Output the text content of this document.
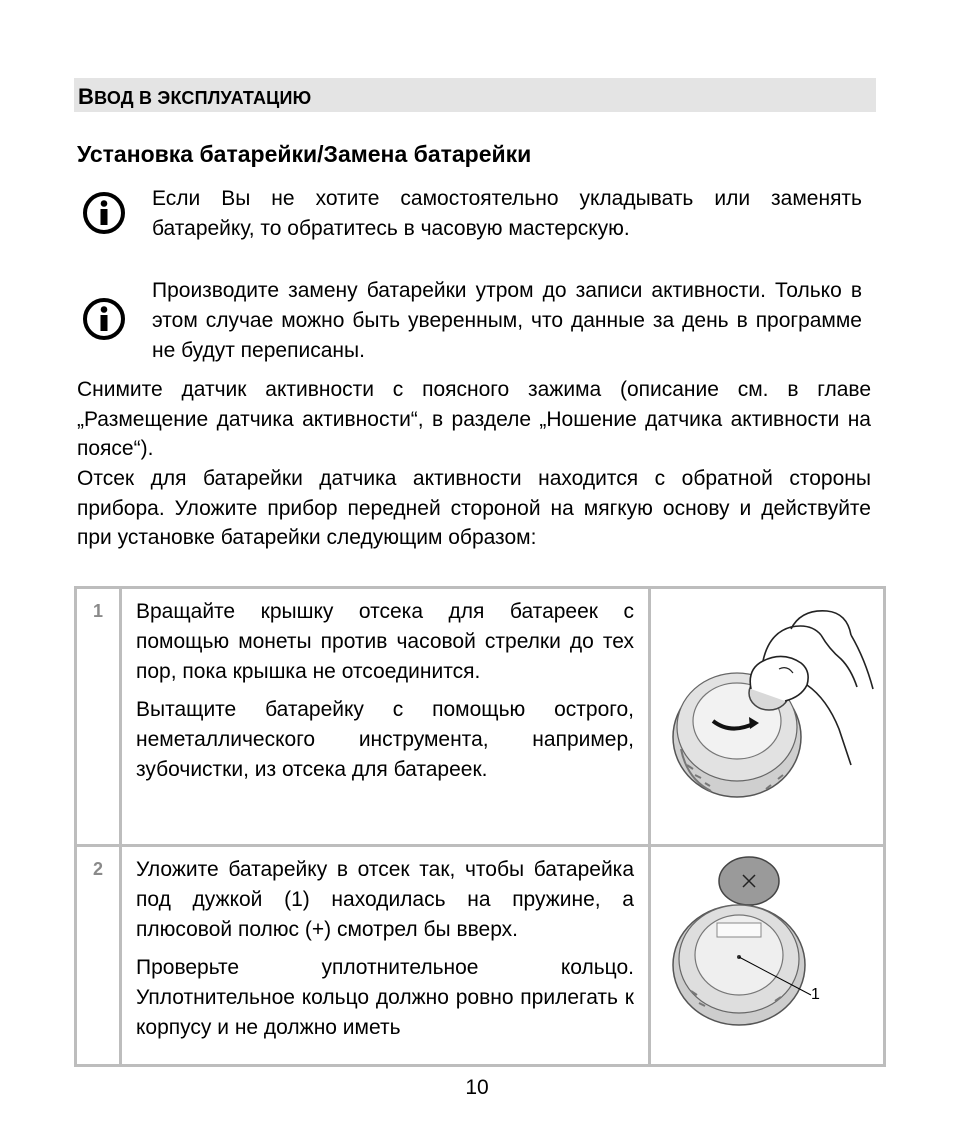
ВВОД В ЭКСПЛУАТАЦИЮ
Установка батарейки/Замена батарейки
Если Вы не хотите самостоятельно укладывать или заменять батарейку, то обратитесь в часовую мастерскую.
Производите замену батарейки утром до записи активности. Только в этом случае можно быть уверенным, что данные за день в программе не будут переписаны.
Снимите датчик активности с поясного зажима (описание см. в главе „Размещение датчика активности“, в разделе „Ношение датчика активности на поясе“).
Отсек для батарейки датчика активности находится с обратной стороны прибора. Уложите прибор передней стороной на мягкую основу и действуйте при установке батарейки следующим образом:
1	Вращайте крышку отсека для батареек с помощью монеты против часовой стрелки до тех пор, пока крышка не отсоединится.

Вытащите батарейку с помощью острого, неметаллического инструмента, например, зубочистки, из отсека для батареек.

2	Уложите батарейку в отсек так, чтобы батарейка под дужкой (1) находилась на пружине, а плюсовой полюс (+) смотрел бы вверх.

Проверьте уплотнительное кольцо. Уплотнительное кольцо должно ровно прилегать к корпусу и не должно иметь	1
10
